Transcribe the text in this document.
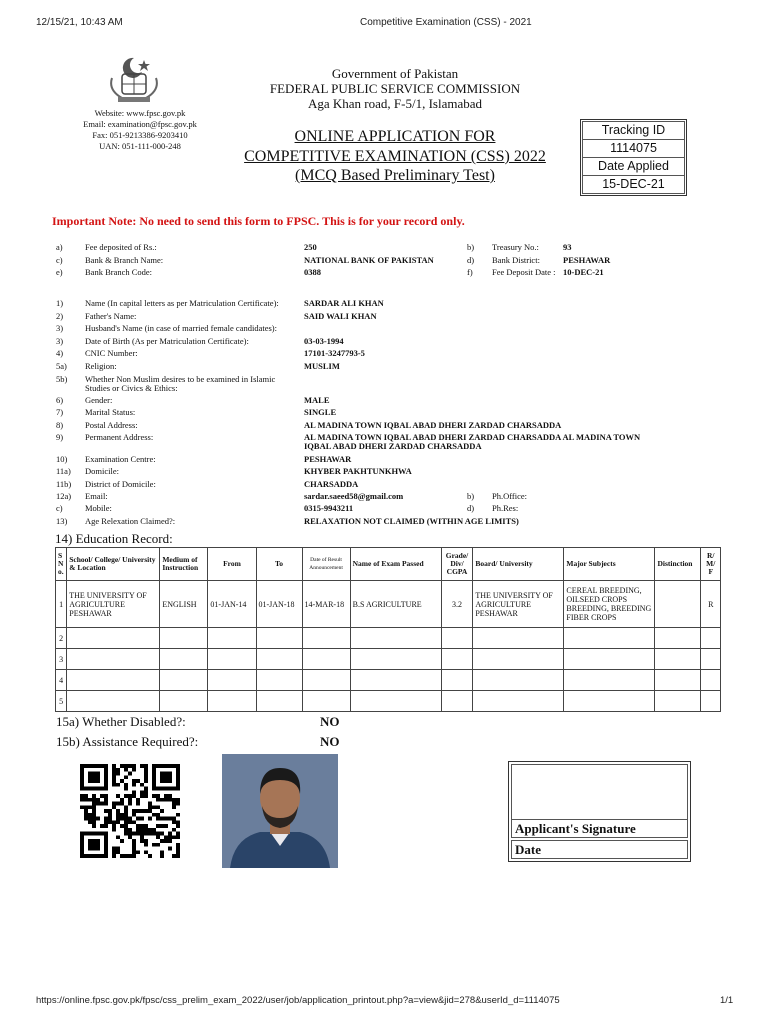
12/15/21, 10:43 AM	Competitive Examination (CSS) - 2021
Website: www.fpsc.gov.pk
Email: examination@fpsc.gov.pk
Fax: 051-9213386-9203410
UAN: 051-111-000-248
Government of Pakistan
FEDERAL PUBLIC SERVICE COMMISSION
Aga Khan road, F-5/1, Islamabad
ONLINE APPLICATION FOR
COMPETITIVE EXAMINATION (CSS) 2022
(MCQ Based Preliminary Test)
Tracking ID
1114075
Date Applied
15-DEC-21
Important Note: No need to send this form to FPSC. This is for your record only.
a)	Fee deposited of Rs.:	250	b) Treasury No.:	93
c)	Bank & Branch Name:	NATIONAL BANK OF PAKISTAN	d) Bank District:	PESHAWAR
e)	Bank Branch Code:	0388	f) Fee Deposit Date : 10-DEC-21
1)	Name (In capital letters as per Matriculation Certificate):	SARDAR ALI KHAN
2)	Father's Name:	SAID WALI KHAN
3)	Husband's Name (in case of married female candidates):
3)	Date of Birth (As per Matriculation Certificate):	03-03-1994
4)	CNIC Number:	17101-3247793-5
5a) Religion:	MUSLIM
5b) Whether Non Muslim desires to be examined in Islamic
Studies or Civics & Ethics:
6)	Gender:	MALE
7)	Marital Status:	SINGLE
8)	Postal Address:	AL MADINA TOWN IQBAL ABAD DHERI ZARDAD CHARSADDA
9)	Permanent Address:	AL MADINA TOWN IQBAL ABAD DHERI ZARDAD CHARSADDA AL MADINA TOWN
IQBAL ABAD DHERI ZARDAD CHARSADDA
10) Examination Centre:	PESHAWAR
11a) Domicile:	KHYBER PAKHTUNKHWA
11b) District of Domicile:	CHARSADDA
12a) Email:	sardar.saeed58@gmail.com	b) Ph.Office:
c)	Mobile:	0315-9943211	d) Ph.Res:
13) Age Relexation Claimed?:	RELAXATION NOT CLAIMED (WITHIN AGE LIMITS)
14) Education Record:
S N o.	School/ College/ University & Location	Medium of Instruction	From	To	Date of Result Announcement	Name of Exam Passed	Grade/ Div/ CGPA	Board/ University	Major Subjects	Distinction	R/ M/ F
1	THE UNIVERSITY OF AGRICULTURE PESHAWAR	ENGLISH	01-JAN-14	01-JAN-18	14-MAR-18	B.S AGRICULTURE	3.2	THE UNIVERSITY OF AGRICULTURE PESHAWAR	CEREAL BREEDING, OILSEED CROPS BREEDING, BREEDING FIBER CROPS		R
2											
3											
4											
5											
15a) Whether Disabled?:	NO
15b) Assistance Required?:	NO
Applicant's Signature
Date
https://online.fpsc.gov.pk/fpsc/css_prelim_exam_2022/user/job/application_printout.php?a=view&jid=278&userId_d=1114075	1/1
